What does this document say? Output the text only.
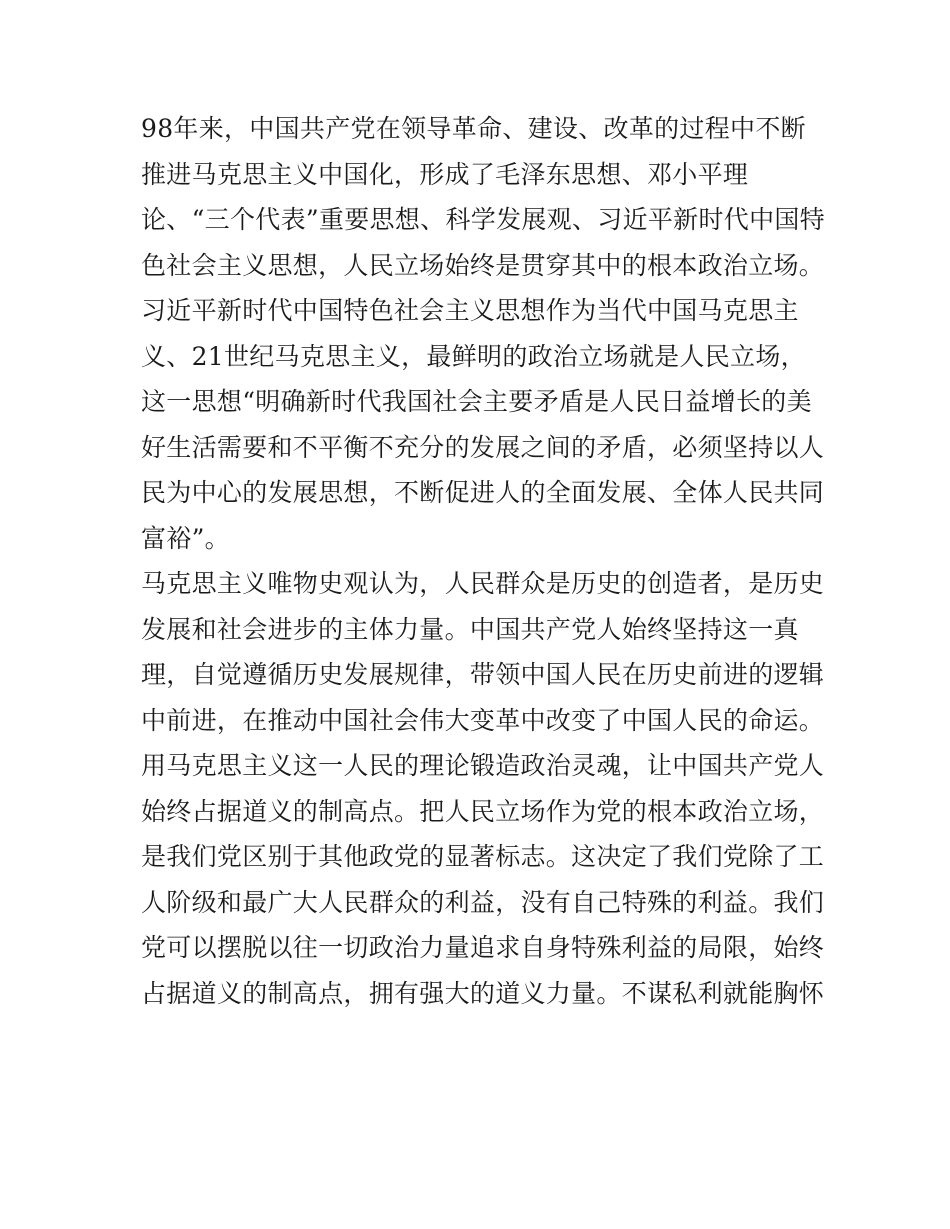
98年来，中国共产党在领导革命、建设、改革的过程中不断
推进马克思主义中国化，形成了毛泽东思想、邓小平理
论、“三个代表”重要思想、科学发展观、习近平新时代中国特
色社会主义思想，人民立场始终是贯穿其中的根本政治立场。
习近平新时代中国特色社会主义思想作为当代中国马克思主
义、21世纪马克思主义，最鲜明的政治立场就是人民立场，
这一思想“明确新时代我国社会主要矛盾是人民日益增长的美
好生活需要和不平衡不充分的发展之间的矛盾，必须坚持以人
民为中心的发展思想，不断促进人的全面发展、全体人民共同
富裕”。
马克思主义唯物史观认为，人民群众是历史的创造者，是历史
发展和社会进步的主体力量。中国共产党人始终坚持这一真
理，自觉遵循历史发展规律，带领中国人民在历史前进的逻辑
中前进，在推动中国社会伟大变革中改变了中国人民的命运。
用马克思主义这一人民的理论锻造政治灵魂，让中国共产党人
始终占据道义的制高点。把人民立场作为党的根本政治立场，
是我们党区别于其他政党的显著标志。这决定了我们党除了工
人阶级和最广大人民群众的利益，没有自己特殊的利益。我们
党可以摆脱以往一切政治力量追求自身特殊利益的局限，始终
占据道义的制高点，拥有强大的道义力量。不谋私利就能胸怀
